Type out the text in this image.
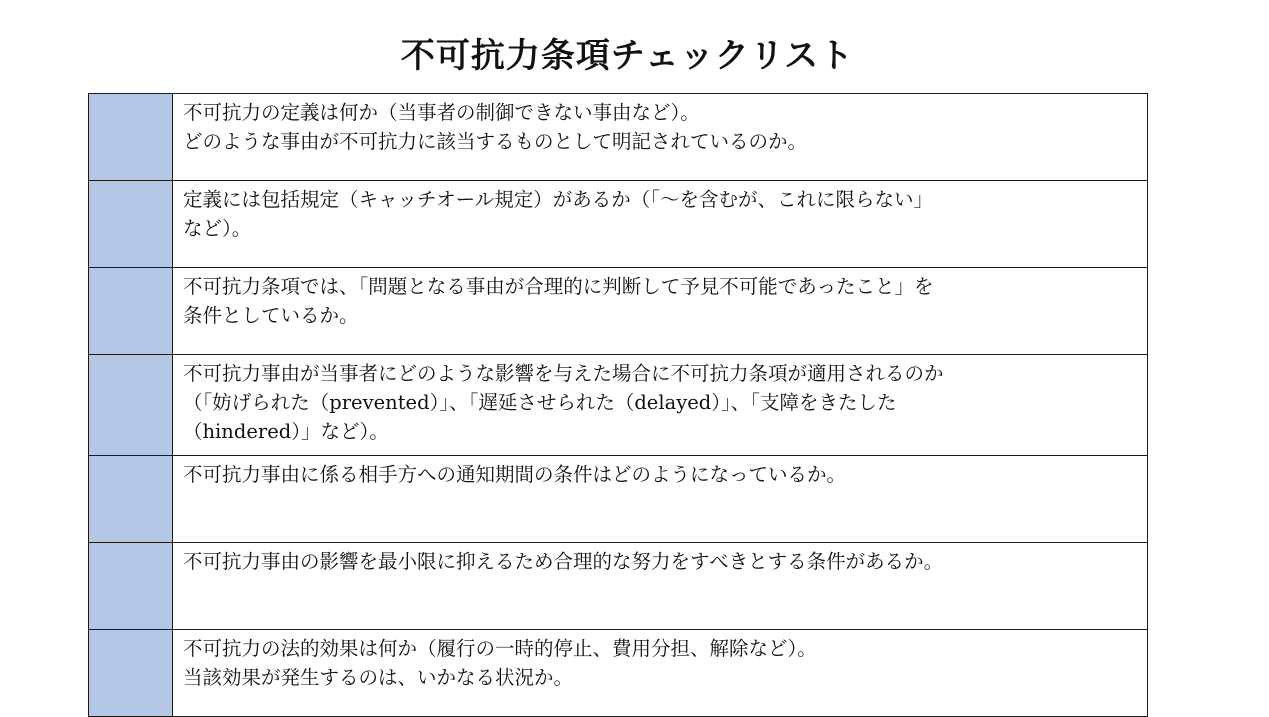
不可抗力条項チェックリスト

	不可抗力の定義は何か（当事者の制御できない事由など）。
どのような事由が不可抗力に該当するものとして明記されているのか。

	定義には包括規定（キャッチオール規定）があるか（「～を含むが、これに限らない」
など）。

	不可抗力条項では、「問題となる事由が合理的に判断して予見不可能であったこと」を
条件としているか。

	不可抗力事由が当事者にどのような影響を与えた場合に不可抗力条項が適用されるのか
（「妨げられた（prevented）」、「遅延させられた（delayed）」、「支障をきたした
（hindered）」など）。

	不可抗力事由に係る相手方への通知期間の条件はどのようになっているか。

	不可抗力事由の影響を最小限に抑えるため合理的な努力をすべきとする条件があるか。

	不可抗力の法的効果は何か（履行の一時的停止、費用分担、解除など）。
当該効果が発生するのは、いかなる状況か。
